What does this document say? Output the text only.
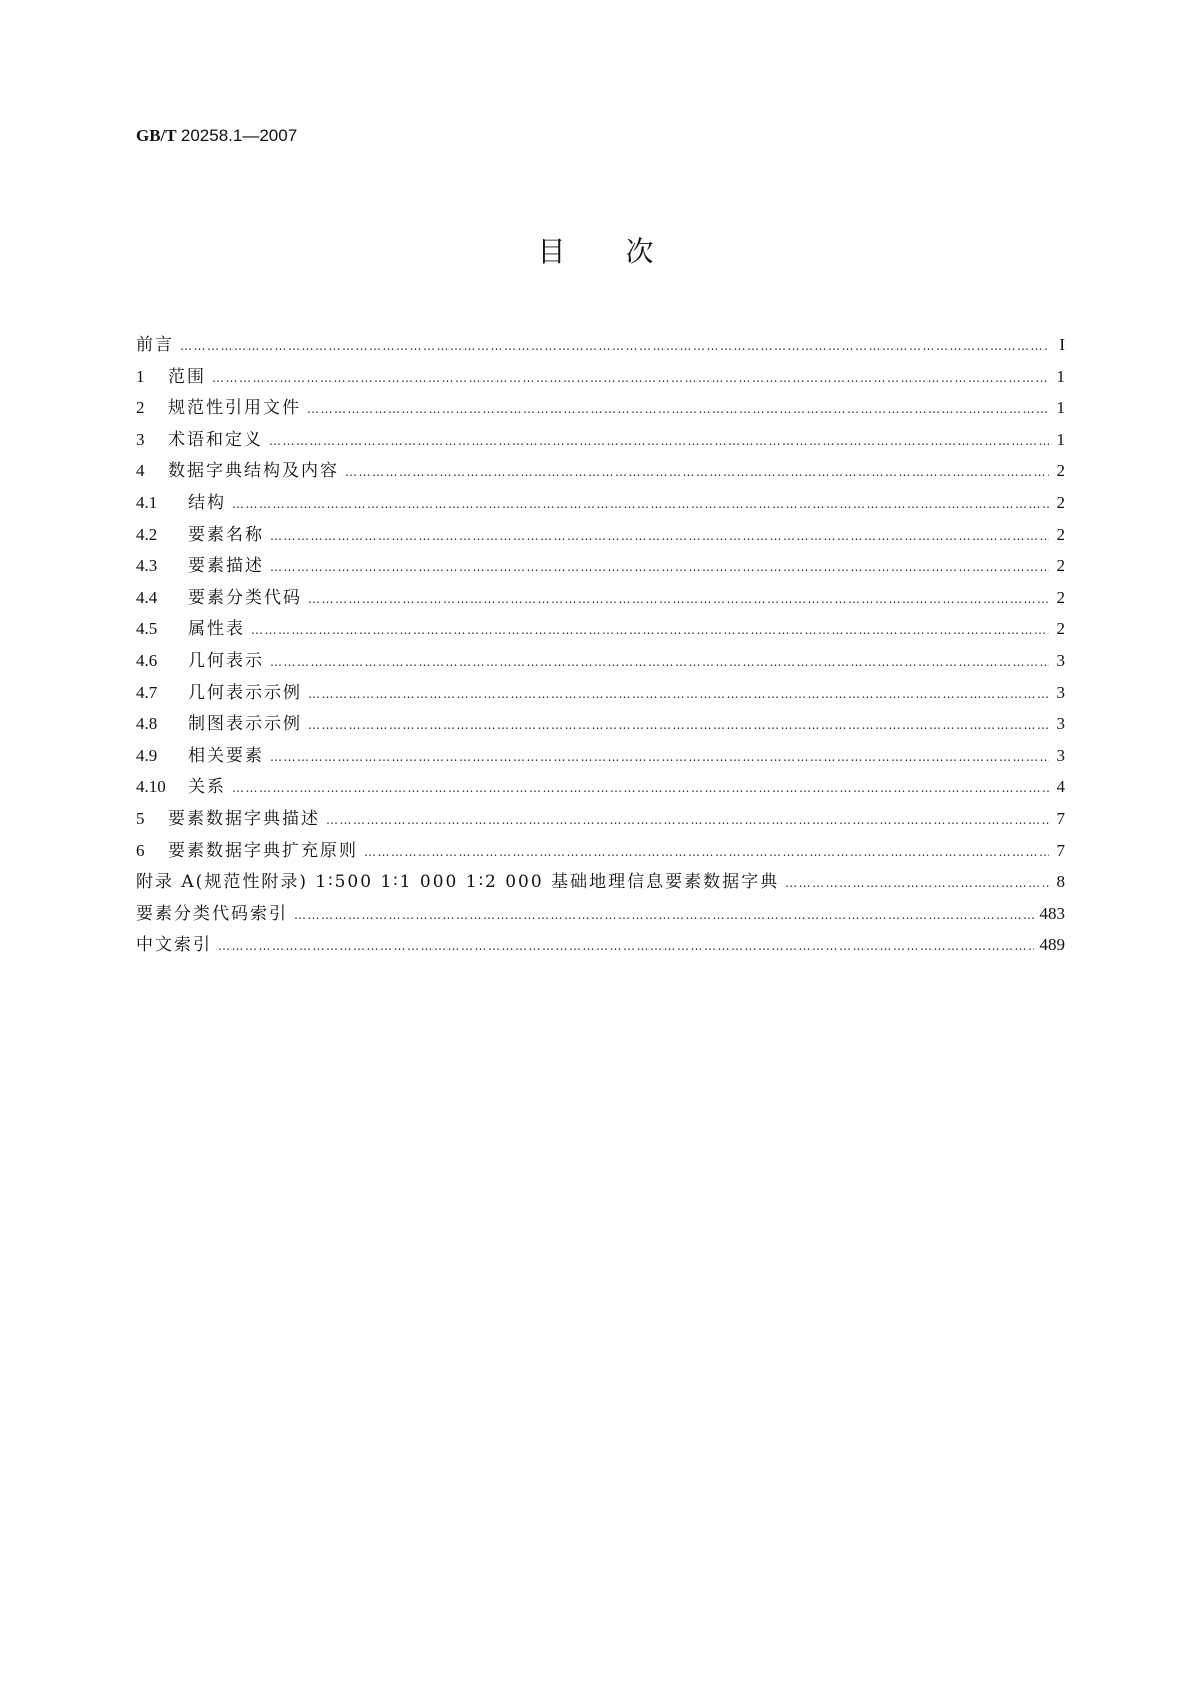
GB/T 20258.1—2007
目次
前言 …………………………………………………………………………………………………………………………………………………………………………………………………	I
1	范围 …………………………………………………………………………………………………………………………………………………………………………………………………	1
2	规范性引用文件 …………………………………………………………………………………………………………………………………………………………………………………………………	1
3	术语和定义 …………………………………………………………………………………………………………………………………………………………………………………………………	1
4	数据字典结构及内容 …………………………………………………………………………………………………………………………………………………………………………………………………	2
4.1	结构 …………………………………………………………………………………………………………………………………………………………………………………………………	2
4.2	要素名称 …………………………………………………………………………………………………………………………………………………………………………………………………	2
4.3	要素描述 …………………………………………………………………………………………………………………………………………………………………………………………………	2
4.4	要素分类代码 …………………………………………………………………………………………………………………………………………………………………………………………………	2
4.5	属性表 …………………………………………………………………………………………………………………………………………………………………………………………………	2
4.6	几何表示 …………………………………………………………………………………………………………………………………………………………………………………………………	3
4.7	几何表示示例 …………………………………………………………………………………………………………………………………………………………………………………………………	3
4.8	制图表示示例 …………………………………………………………………………………………………………………………………………………………………………………………………	3
4.9	相关要素 …………………………………………………………………………………………………………………………………………………………………………………………………	3
4.10	关系 …………………………………………………………………………………………………………………………………………………………………………………………………	4
5	要素数据字典描述 …………………………………………………………………………………………………………………………………………………………………………………………………	7
6	要素数据字典扩充原则 …………………………………………………………………………………………………………………………………………………………………………………………………	7
附录 A(规范性附录) 1∶500 1∶1 000 1∶2 000 基础地理信息要素数据字典 …………………………………………………………………………………………………………………………………………………………………………………………………	8
要素分类代码索引 …………………………………………………………………………………………………………………………………………………………………………………………………	483
中文索引 …………………………………………………………………………………………………………………………………………………………………………………………………	489
